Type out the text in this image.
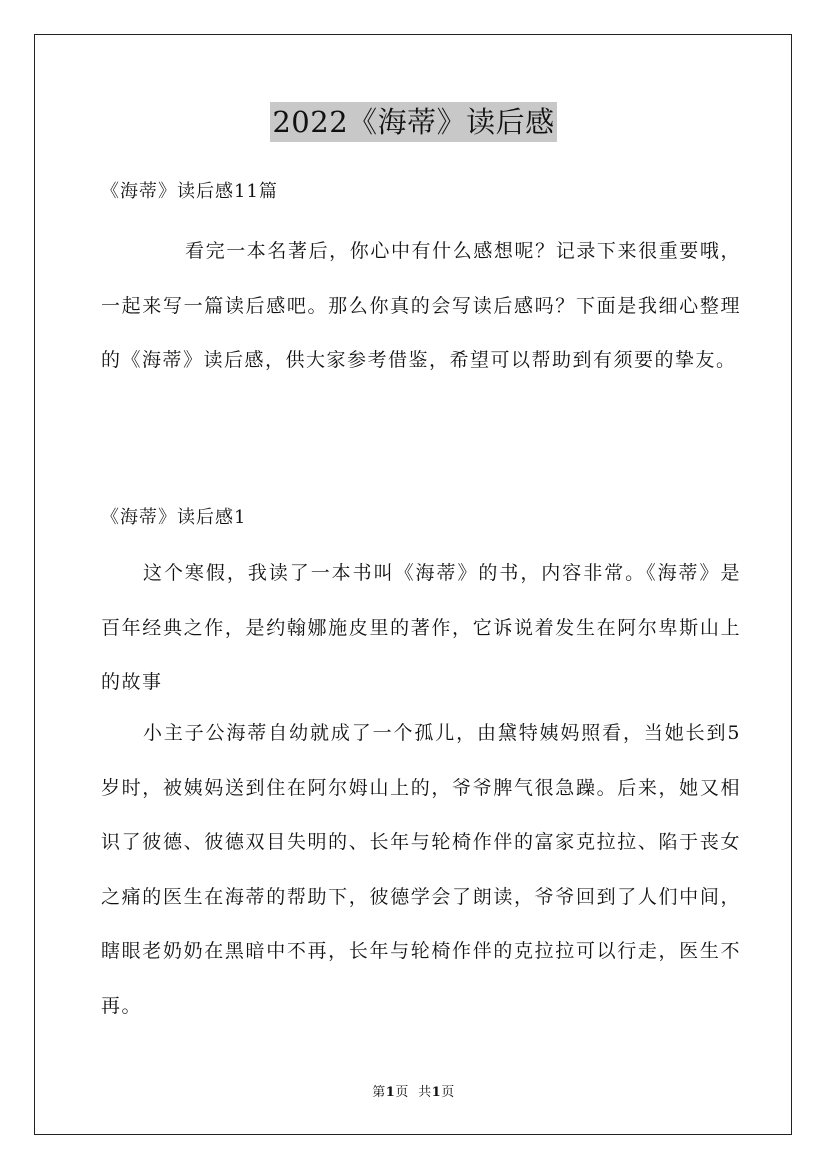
2022《海蒂》读后感
《海蒂》读后感11篇

看完一本名著后，你心中有什么感想呢？记录下来很重要哦，一起来写一篇读后感吧。那么你真的会写读后感吗？下面是我细心整理的《海蒂》读后感，供大家参考借鉴，希望可以帮助到有须要的挚友。

《海蒂》读后感1

这个寒假，我读了一本书叫《海蒂》的书，内容非常。《海蒂》是百年经典之作，是约翰娜施皮里的著作，它诉说着发生在阿尔卑斯山上的故事

小主子公海蒂自幼就成了一个孤儿，由黛特姨妈照看，当她长到5岁时，被姨妈送到住在阿尔姆山上的，爷爷脾气很急躁。后来，她又相识了彼德、彼德双目失明的、长年与轮椅作伴的富家克拉拉、陷于丧女之痛的医生在海蒂的帮助下，彼德学会了朗读，爷爷回到了人们中间，瞎眼老奶奶在黑暗中不再，长年与轮椅作伴的克拉拉可以行走，医生不再。

第1页 共1页
